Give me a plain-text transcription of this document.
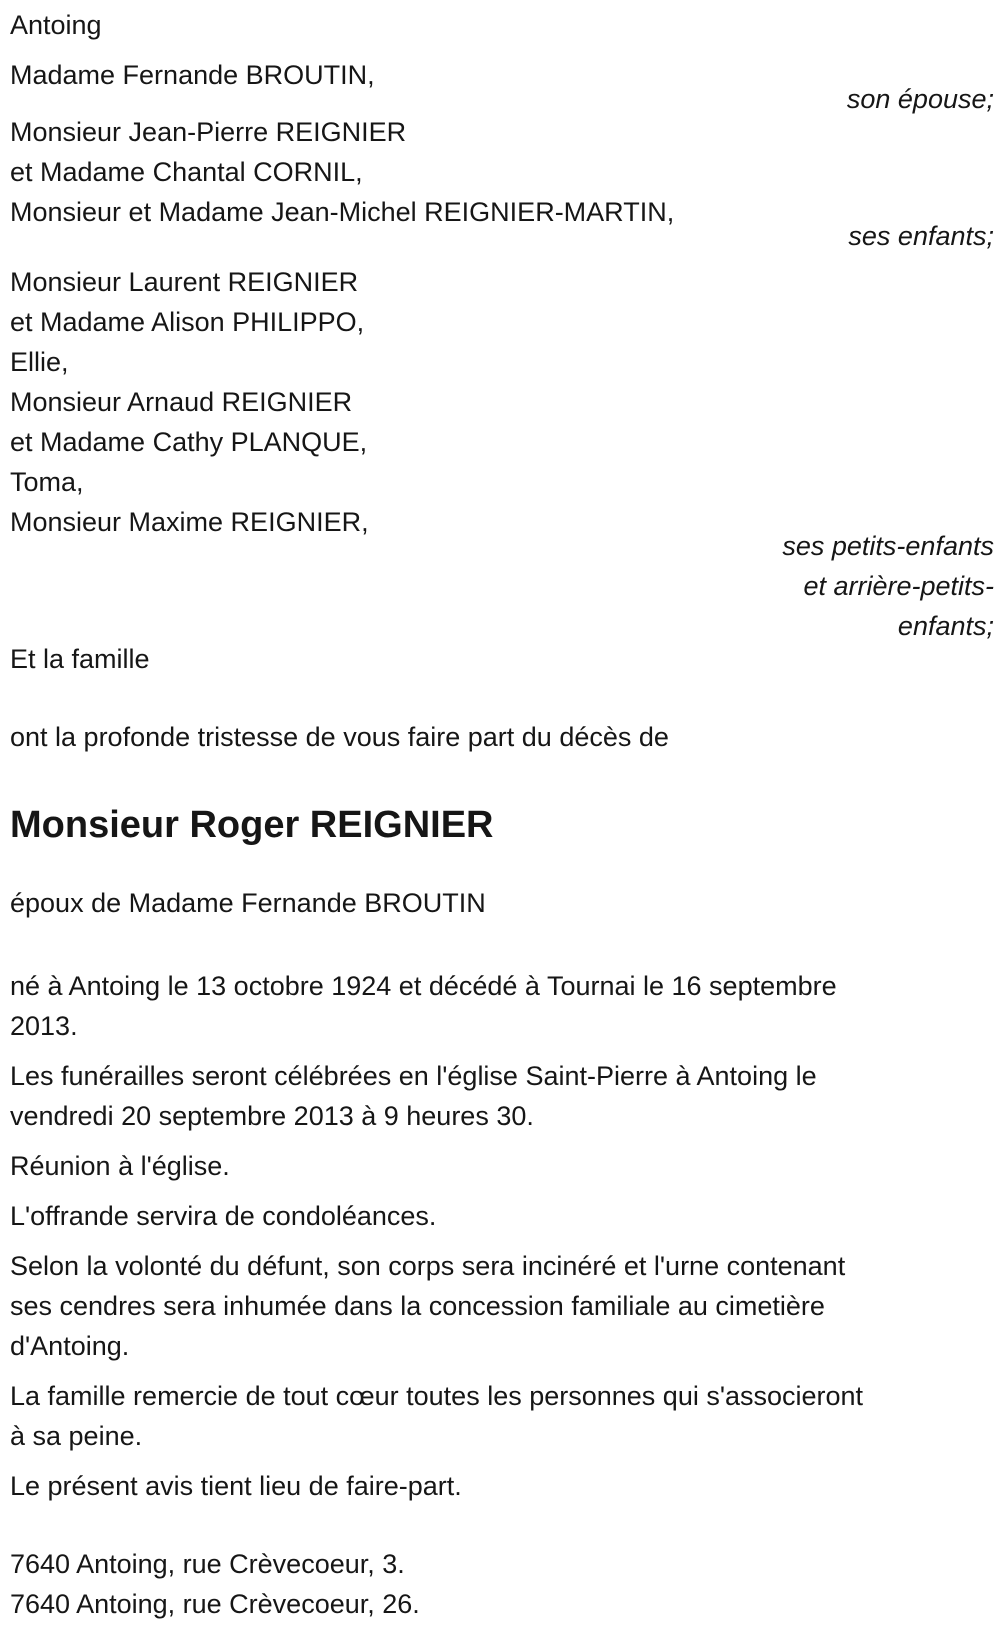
Antoing
Madame Fernande BROUTIN,
son épouse;
Monsieur Jean-Pierre REIGNIER
et Madame Chantal CORNIL,
Monsieur et Madame Jean-Michel REIGNIER-MARTIN,
ses enfants;
Monsieur Laurent REIGNIER
et Madame Alison PHILIPPO,
Ellie,
Monsieur Arnaud REIGNIER
et Madame Cathy PLANQUE,
Toma,
Monsieur Maxime REIGNIER,
ses petits-enfants
et arrière-petits-
enfants;
Et la famille
ont la profonde tristesse de vous faire part du décès de
Monsieur Roger REIGNIER
époux de Madame Fernande BROUTIN
né à Antoing le 13 octobre 1924 et décédé à Tournai le 16 septembre
2013.
Les funérailles seront célébrées en l'église Saint-Pierre à Antoing le
vendredi 20 septembre 2013 à 9 heures 30.
Réunion à l'église.
L'offrande servira de condoléances.
Selon la volonté du défunt, son corps sera incinéré et l'urne contenant
ses cendres sera inhumée dans la concession familiale au cimetière
d'Antoing.
La famille remercie de tout cœur toutes les personnes qui s'associeront
à sa peine.
Le présent avis tient lieu de faire-part.
7640 Antoing, rue Crèvecoeur, 3.
7640 Antoing, rue Crèvecoeur, 26.
